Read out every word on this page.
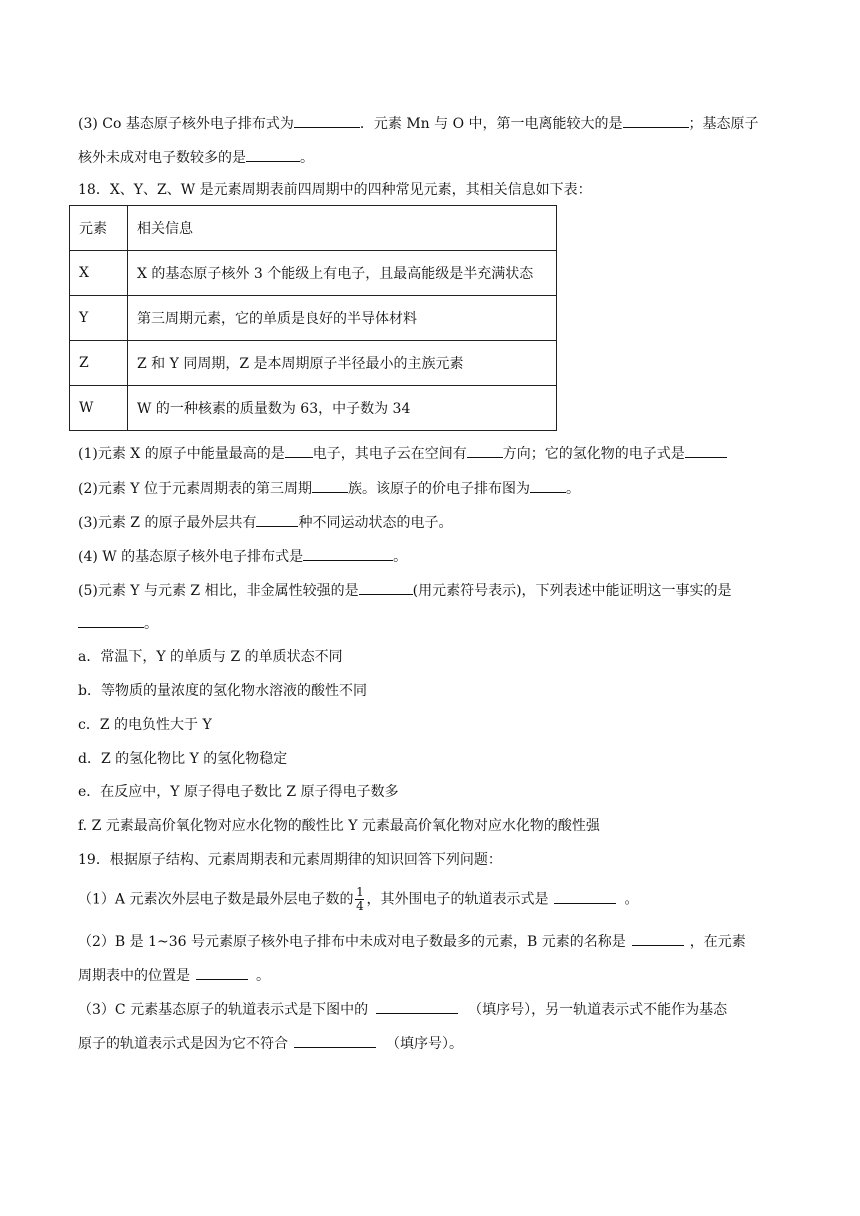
(3) Co 基态原子核外电子排布式为	．元素 Mn 与 O 中，第一电离能较大的是	；基态原子
核外未成对电子数较多的是	。
18．X、Y、Z、W 是元素周期表前四周期中的四种常见元素，其相关信息如下表：
元素	相关信息
X	X 的基态原子核外 3 个能级上有电子，且最高能级是半充满状态
Y	第三周期元素，它的单质是良好的半导体材料
Z	Z 和 Y 同周期，Z 是本周期原子半径最小的主族元素
W	W 的一种核素的质量数为 63，中子数为 34
(1)元素 X 的原子中能量最高的是 电子，其电子云在空间有	方向；它的氢化物的电子式是
(2)元素 Y 位于元素周期表的第三周期	族。该原子的价电子排布图为	。
(3)元素 Z 的原子最外层共有	种不同运动状态的电子。
(4) W 的基态原子核外电子排布式是	。
(5)元素 Y 与元素 Z 相比，非金属性较强的是	(用元素符号表示)，下列表述中能证明这一事实的是
。
a．常温下，Y 的单质与 Z 的单质状态不同
b．等物质的量浓度的氢化物水溶液的酸性不同
c．Z 的电负性大于 Y
d．Z 的氢化物比 Y 的氢化物稳定
e．在反应中，Y 原子得电子数比 Z 原子得电子数多
f. Z 元素最高价氧化物对应水化物的酸性比 Y 元素最高价氧化物对应水化物的酸性强
19．根据原子结构、元素周期表和元素周期律的知识回答下列问题：
（1）A 元素次外层电子数是最外层电子数的 $\frac{1}{4}$ ，其外围电子的轨道表示式是	。
（2）B 是 1~36 号元素原子核外电子排布中未成对电子数最多的元素，B 元素的名称是	，在元素
周期表中的位置是	。
（3）C 元素基态原子的轨道表示式是下图中的	（填序号），另一轨道表示式不能作为基态
原子的轨道表示式是因为它不符合	（填序号）。
